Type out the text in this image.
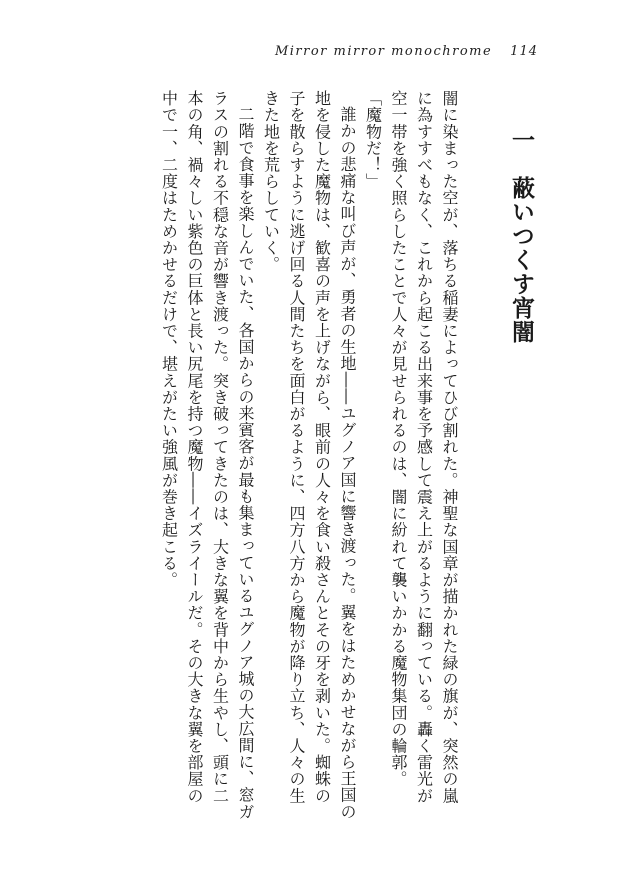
Mirror mirror monochrome 114
一蔽いつくす宵闇

闇に染まった空が、落ちる稲妻によってひび割れた。神聖な国章が描かれた緑の旗が、突然の嵐に為すすべもなく、これから起こる出来事を予感して震え上がるように翻っている。轟く雷光が空一帯を強く照らしたことで人々が見せられるのは、闇に紛れて襲いかかる魔物集団の輪郭。

「魔物だ！」

誰かの悲痛な叫び声が、勇者の生地――ユグノア国に響き渡った。翼をはためかせながら王国の地を侵した魔物は、歓喜の声を上げながら、眼前の人々を食い殺さんとその牙を剥いた。蜘蛛の子を散らすように逃げ回る人間たちを面白がるように、四方八方から魔物が降り立ち、人々の生きた地を荒らしていく。

二階で食事を楽しんでいた、各国からの来賓客が最も集まっているユグノア城の大広間に、窓ガラスの割れる不穏な音が響き渡った。突き破ってきたのは、大きな翼を背中から生やし、頭に二本の角、禍々しい紫色の巨体と長い尻尾を持つ魔物――イズライールだ。その大きな翼を部屋の中で一、二度はためかせるだけで、堪えがたい強風が巻き起こる。
